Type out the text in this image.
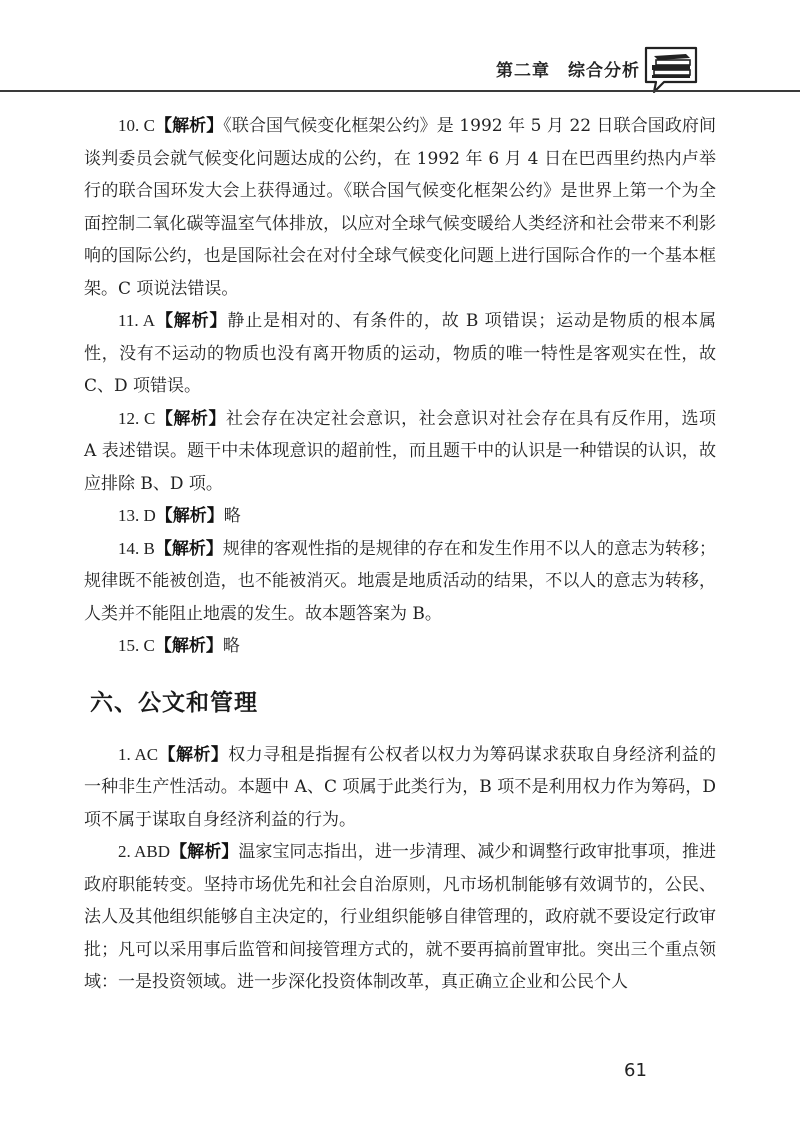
第二章　综合分析

10. C【解析】《联合国气候变化框架公约》是 1992 年 5 月 22 日联合国政府间谈判委员会就气候变化问题达成的公约，在 1992 年 6 月 4 日在巴西里约热内卢举行的联合国环发大会上获得通过。《联合国气候变化框架公约》是世界上第一个为全面控制二氧化碳等温室气体排放，以应对全球气候变暖给人类经济和社会带来不利影响的国际公约，也是国际社会在对付全球气候变化问题上进行国际合作的一个基本框架。C 项说法错误。

11. A【解析】静止是相对的、有条件的，故 B 项错误；运动是物质的根本属性，没有不运动的物质也没有离开物质的运动，物质的唯一特性是客观实在性，故 C、D 项错误。

12. C【解析】社会存在决定社会意识，社会意识对社会存在具有反作用，选项 A 表述错误。题干中未体现意识的超前性，而且题干中的认识是一种错误的认识，故应排除 B、D 项。

13. D【解析】略

14. B【解析】规律的客观性指的是规律的存在和发生作用不以人的意志为转移；规律既不能被创造，也不能被消灭。地震是地质活动的结果，不以人的意志为转移，人类并不能阻止地震的发生。故本题答案为 B。

15. C【解析】略

六、公文和管理

1. AC【解析】权力寻租是指握有公权者以权力为筹码谋求获取自身经济利益的一种非生产性活动。本题中 A、C 项属于此类行为，B 项不是利用权力作为筹码，D 项不属于谋取自身经济利益的行为。

2. ABD【解析】温家宝同志指出，进一步清理、减少和调整行政审批事项，推进政府职能转变。坚持市场优先和社会自治原则，凡市场机制能够有效调节的，公民、法人及其他组织能够自主决定的，行业组织能够自律管理的，政府就不要设定行政审批；凡可以采用事后监管和间接管理方式的，就不要再搞前置审批。突出三个重点领域：一是投资领域。进一步深化投资体制改革，真正确立企业和公民个人

61
